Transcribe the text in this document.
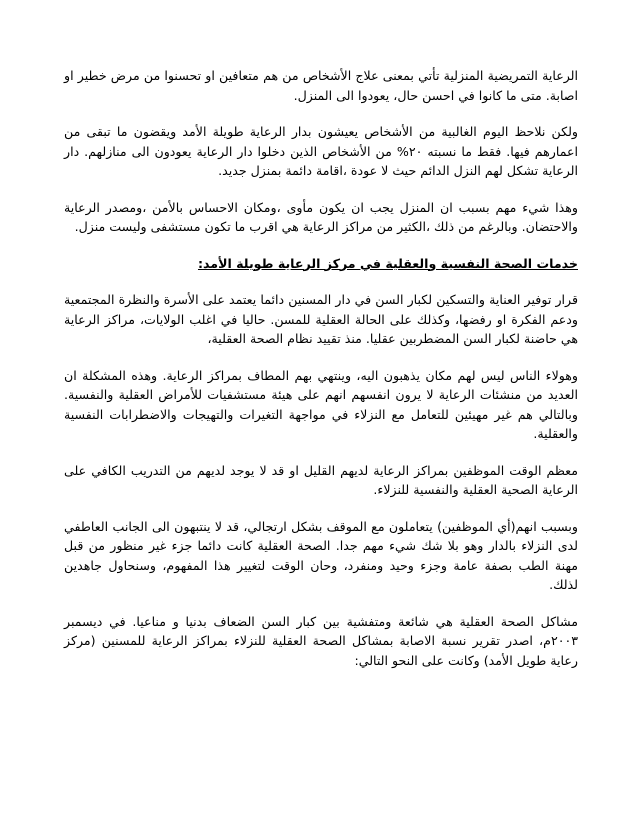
الرعاية التمريضية المنزلية تأتي بمعنى علاج الأشخاص من هم متعافين او تحسنوا من مرض خطير او اصابة. متى ما كانوا في احسن حال، يعودوا الى المنزل.

ولكن نلاحظ اليوم الغالبية من الأشخاص يعيشون بدار الرعاية طويلة الأمد ويقضون ما تبقى من اعمارهم فيها. فقط ما نسبته ٢٠% من الأشخاص الذين دخلوا دار الرعاية يعودون الى منازلهم. دار الرعاية تشكل لهم النزل الدائم حيث لا عودة ،اقامة دائمة بمنزل جديد.

وهذا شيء مهم بسبب ان المنزل يجب ان يكون مأوى ،ومكان الاحساس بالأمن ،ومصدر الرعاية والاحتضان. وبالرغم من ذلك ،الكثير من مراكز الرعاية هي اقرب ما تكون مستشفى وليست منزل.

خدمات الصحة النفسية والعقلية في مركز الرعاية طويلة الأمد:

قرار توفير العناية والتسكين لكبار السن في دار المسنين دائما يعتمد على الأسرة والنظرة المجتمعية ودعم الفكرة او رفضها، وكذلك على الحالة العقلية للمسن. حاليا في اغلب الولايات، مراكز الرعاية هي حاضنة لكبار السن المضطربين عقليا. منذ تقييد نظام الصحة العقلية،

وهولاء الناس ليس لهم مكان يذهبون اليه، وينتهي بهم المطاف بمراكز الرعاية. وهذه المشكلة ان العديد من منشئات الرعاية لا يرون انفسهم انهم على هيئة مستشفيات للأمراض العقلية والنفسية. وبالتالي هم غير مهيئين للتعامل مع النزلاء في مواجهة التغيرات والتهيجات والاضطرابات النفسية والعقلية.

معظم الوقت الموظفين بمراكز الرعاية لديهم القليل او قد لا يوجد لديهم من التدريب الكافي على الرعاية الصحية العقلية والنفسية للنزلاء.

وبسبب انهم(أي الموظفين) يتعاملون مع الموقف بشكل ارتجالي، قد لا ينتبهون الى الجانب العاطفي لدى النزلاء بالدار وهو بلا شك شيء مهم جدا. الصحة العقلية كانت دائما جزء غير منظور من قبل مهنة الطب بصفة عامة وجزء وحيد ومنفرد، وحان الوقت لتغيير هذا المفهوم، وسنحاول جاهدين لذلك.

مشاكل الصحة العقلية هي شائعة ومتفشية بين كبار السن الضعاف بدنيا و مناعيا. في ديسمبر ٢٠٠٣م، اصدر تقرير نسبة الاصابة بمشاكل الصحة العقلية للنزلاء بمراكز الرعاية للمسنين (مركز رعاية طويل الأمد) وكانت على النحو التالي:
